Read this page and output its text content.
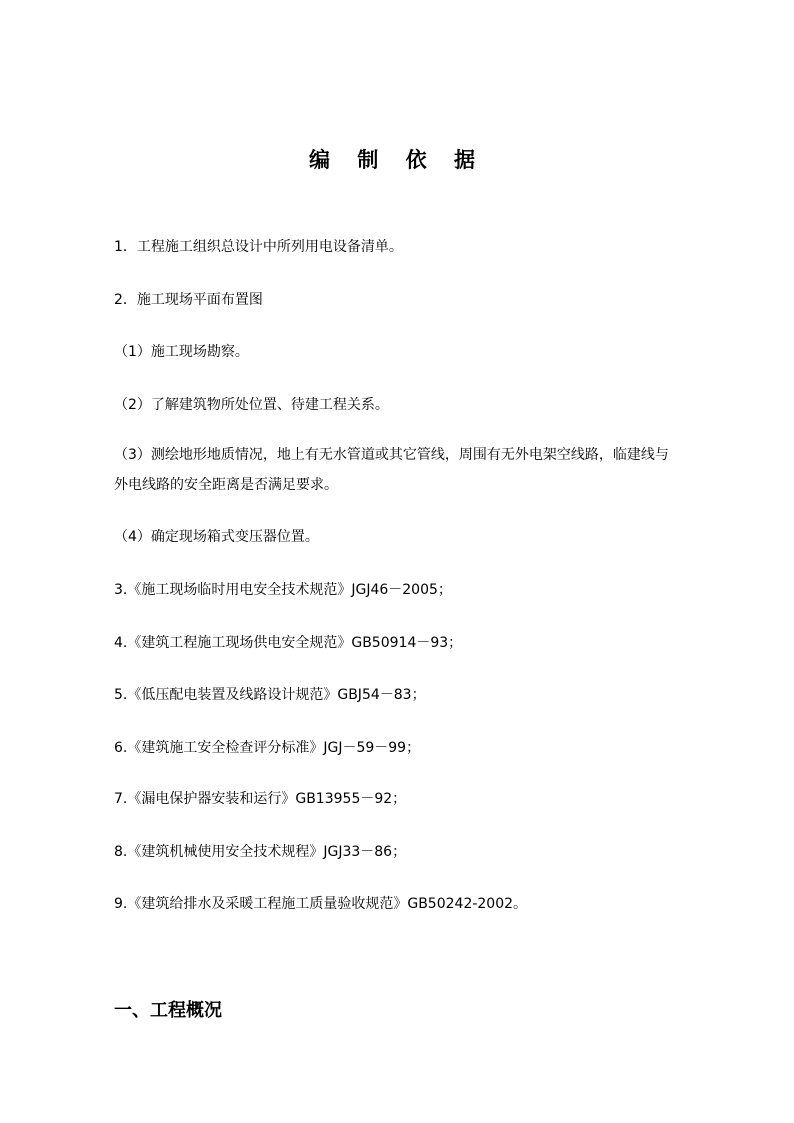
编 制 依 据
1．工程施工组织总设计中所列用电设备清单。
2．施工现场平面布置图
（1）施工现场勘察。
（2）了解建筑物所处位置、待建工程关系。
（3）测绘地形地质情况，地上有无水管道或其它管线，周围有无外电架空线路，临建线与外电线路的安全距离是否满足要求。
（4）确定现场箱式变压器位置。
3.《施工现场临时用电安全技术规范》JGJ46－2005；
4.《建筑工程施工现场供电安全规范》GB50914－93；
5.《低压配电装置及线路设计规范》GBJ54－83；
6.《建筑施工安全检查评分标准》JGJ－59－99；
7.《漏电保护器安装和运行》GB13955－92；
8.《建筑机械使用安全技术规程》JGJ33－86；
9.《建筑给排水及采暖工程施工质量验收规范》GB50242-2002。
一、工程概况
